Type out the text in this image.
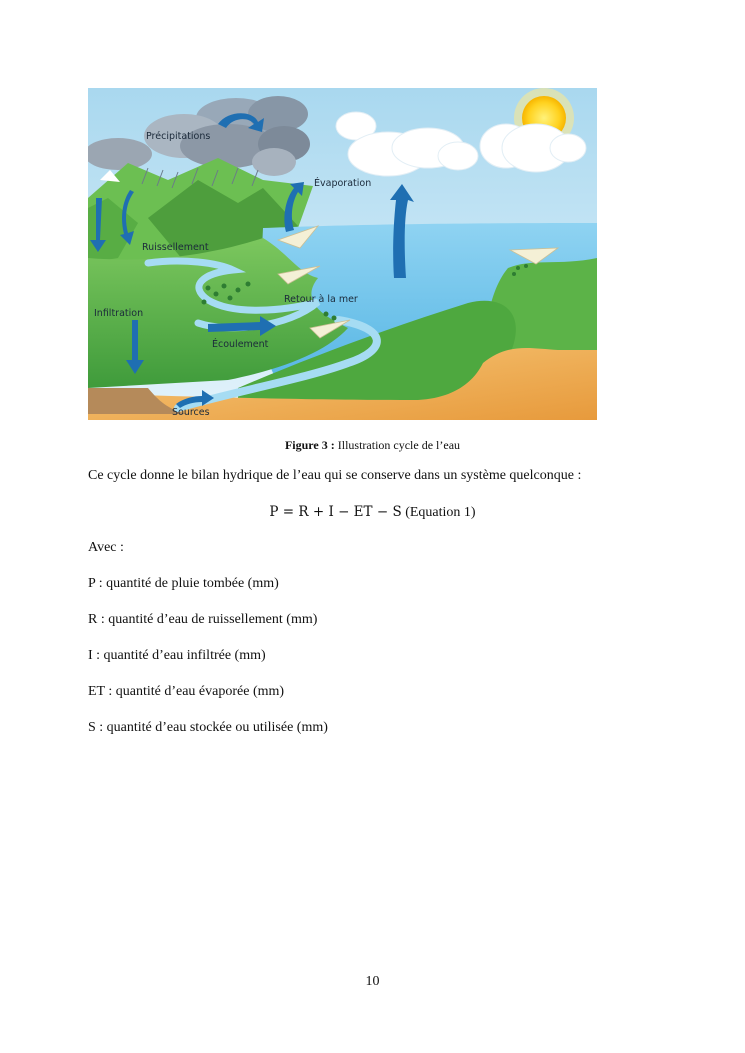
Précipitations
Évaporation
Ruissellement
Infiltration
Retour à la mer
Écoulement
Sources
Figure 3 : Illustration cycle de l’eau
Ce cycle donne le bilan hydrique de l’eau qui se conserve dans un système quelconque :
P = R + I − ET − S (Equation 1)
Avec :
P : quantité de pluie tombée (mm)
R : quantité d’eau de ruissellement (mm)
I : quantité d’eau infiltrée (mm)
ET : quantité d’eau évaporée (mm)
S : quantité d’eau stockée ou utilisée (mm)
10
